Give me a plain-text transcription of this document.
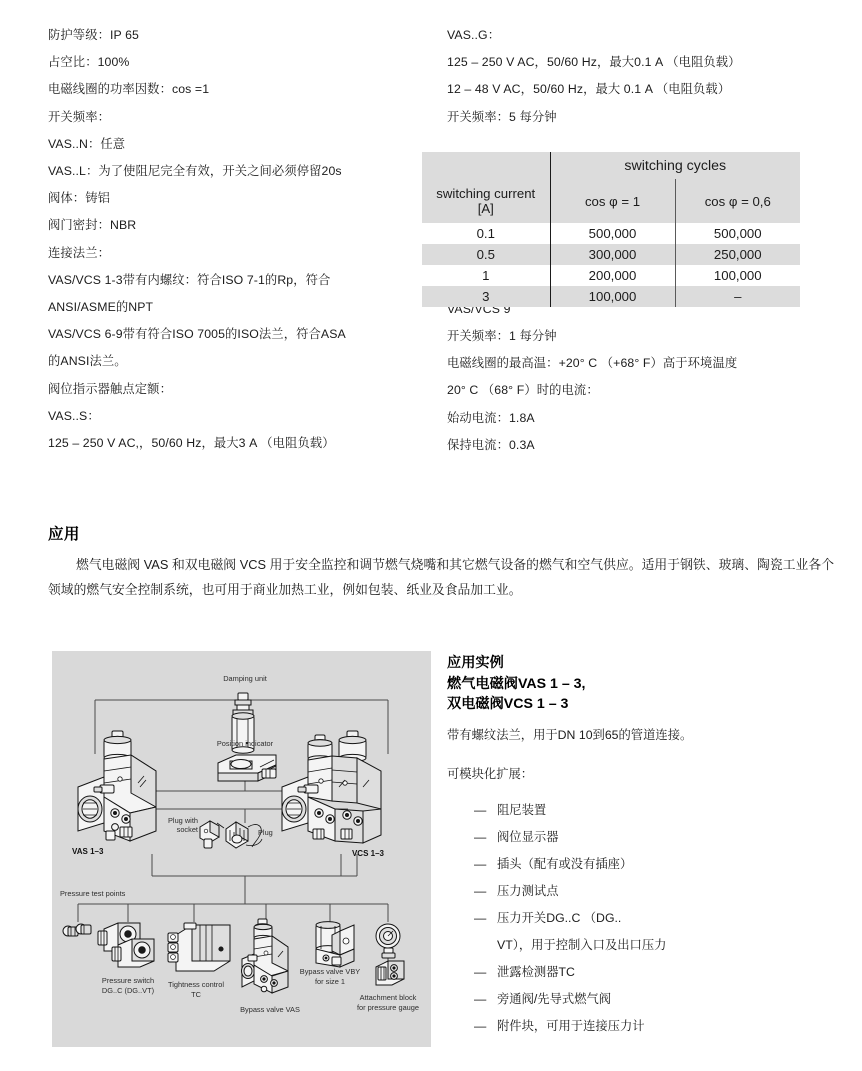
防护等级：IP 65
占空比：100%
电磁线圈的功率因数：cos =1
开关频率：
VAS..N：任意
VAS..L：为了使阻尼完全有效，开关之间必须停留20s
阀体：铸铝
阀门密封：NBR
连接法兰：
VAS/VCS 1-3带有内螺纹：符合ISO 7-1的Rp，符合
ANSI/ASME的NPT
VAS/VCS 6-9带有符合ISO 7005的ISO法兰，符合ASA
的ANSI法兰。
阀位指示器触点定额：
VAS..S：
125 – 250 V AC,，50/60 Hz，最大3 A （电阻负载）
VAS..G：
125 – 250 V AC，50/60 Hz，最大0.1 A （电阻负载）
12 – 48 V AC，50/60 Hz，最大 0.1 A （电阻负载）
开关频率：5 每分钟
VAS/VCS 9
开关频率：1 每分钟
电磁线圈的最高温：+20° C （+68° F）高于环境温度
20° C （68° F）时的电流：
始动电流：1.8A
保持电流：0.3A
	switching cycles	

switching current
[A]	cos φ = 1	cos φ = 0,6
0.1	500,000	500,000
0.5	300,000	250,000
1	200,000	100,000
3	100,000	–
应用
燃气电磁阀 VAS 和双电磁阀 VCS 用于安全监控和调节燃气烧嘴和其它燃气设备的燃气和空气供应。适用于钢铁、玻璃、陶瓷工业各个领域的燃气安全控制系统，也可用于商业加热工业，例如包装、纸业及食品加工业。
Damping unit
Position indicator
VAS 1–3	VCS 1–3
Plug with
socket	Plug
Pressure test points
Pressure switch
DG..C (DG..VT)
Tightness control
TC
Bypass valve VAS
Bypass valve VBY
for size 1
Attachment block
for pressure gauge
应用实例
燃气电磁阀VAS 1 – 3,
双电磁阀VCS 1 – 3
带有螺纹法兰，用于DN 10到65的管道连接。
可模块化扩展：
— 阻尼装置
— 阀位显示器
— 插头（配有或没有插座）
— 压力测试点
— 压力开关DG..C （DG..
VT），用于控制入口及出口压力
— 泄露检测器TC
— 旁通阀/先导式燃气阀
— 附件块，可用于连接压力计
